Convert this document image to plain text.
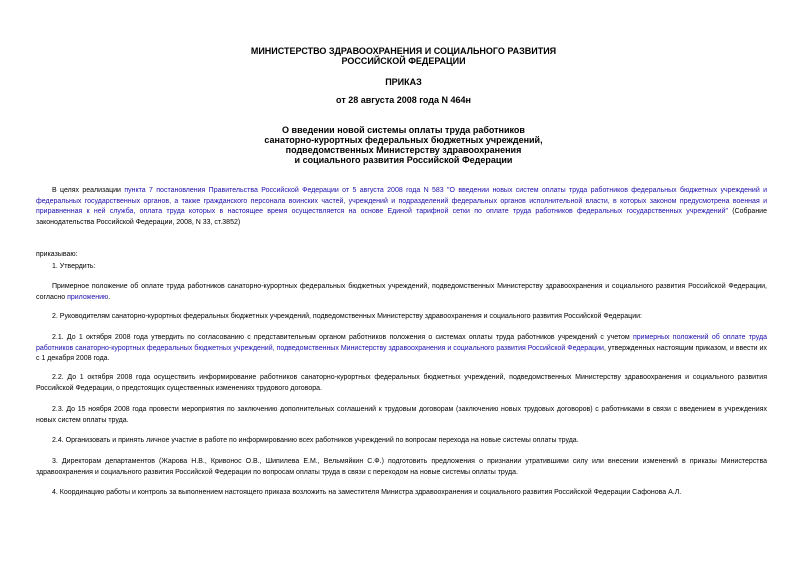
МИНИСТЕРСТВО ЗДРАВООХРАНЕНИЯ И СОЦИАЛЬНОГО РАЗВИТИЯ
РОССИЙСКОЙ ФЕДЕРАЦИИ
ПРИКАЗ
от 28 августа 2008 года N 464н
О введении новой системы оплаты труда работников
санаторно-курортных федеральных бюджетных учреждений,
подведомственных Министерству здравоохранения
и социального развития Российской Федерации
В целях реализации пункта 7 постановления Правительства Российской Федерации от 5 августа 2008 года N 583 "О введении новых систем оплаты труда работников федеральных бюджетных учреждений и федеральных государственных органов, а также гражданского персонала воинских частей, учреждений и подразделений федеральных органов исполнительной власти, в которых законом предусмотрена военная и приравненная к ней служба, оплата труда которых в настоящее время осуществляется на основе Единой тарифной сетки по оплате труда работников федеральных государственных учреждений" (Собрание законодательства Российской Федерации, 2008, N 33, ст.3852)
приказываю:
1. Утвердить:
Примерное положение об оплате труда работников санаторно-курортных федеральных бюджетных учреждений, подведомственных Министерству здравоохранения и социального развития Российской Федерации, согласно приложению.
2. Руководителям санаторно-курортных федеральных бюджетных учреждений, подведомственных Министерству здравоохранения и социального развития Российской Федерации:
2.1. До 1 октября 2008 года утвердить по согласованию с представительным органом работников положения о системах оплаты труда работников учреждений с учетом примерных положений об оплате труда работников санаторно-курортных федеральных бюджетных учреждений, подведомственных Министерству здравоохранения и социального развития Российской Федерации, утвержденных настоящим приказом, и ввести их с 1 декабря 2008 года.
2.2. До 1 октября 2008 года осуществить информирование работников санаторно-курортных федеральных бюджетных учреждений, подведомственных Министерству здравоохранения и социального развития Российской Федерации, о предстоящих существенных изменениях трудового договора.
2.3. До 15 ноября 2008 года провести мероприятия по заключению дополнительных соглашений к трудовым договорам (заключению новых трудовых договоров) с работниками в связи с введением в учреждениях новых систем оплаты труда.
2.4. Организовать и принять личное участие в работе по информированию всех работников учреждений по вопросам перехода на новые системы оплаты труда.
3. Директорам департаментов (Жарова Н.В., Кривонос О.В., Шипилева Е.М., Вельмяйкин С.Ф.) подготовить предложения о признании утратившими силу или внесении изменений в приказы Министерства здравоохранения и социального развития Российской Федерации по вопросам оплаты труда в связи с переходом на новые системы оплаты труда.
4. Координацию работы и контроль за выполнением настоящего приказа возложить на заместителя Министра здравоохранения и социального развития Российской Федерации Сафонова А.Л.
